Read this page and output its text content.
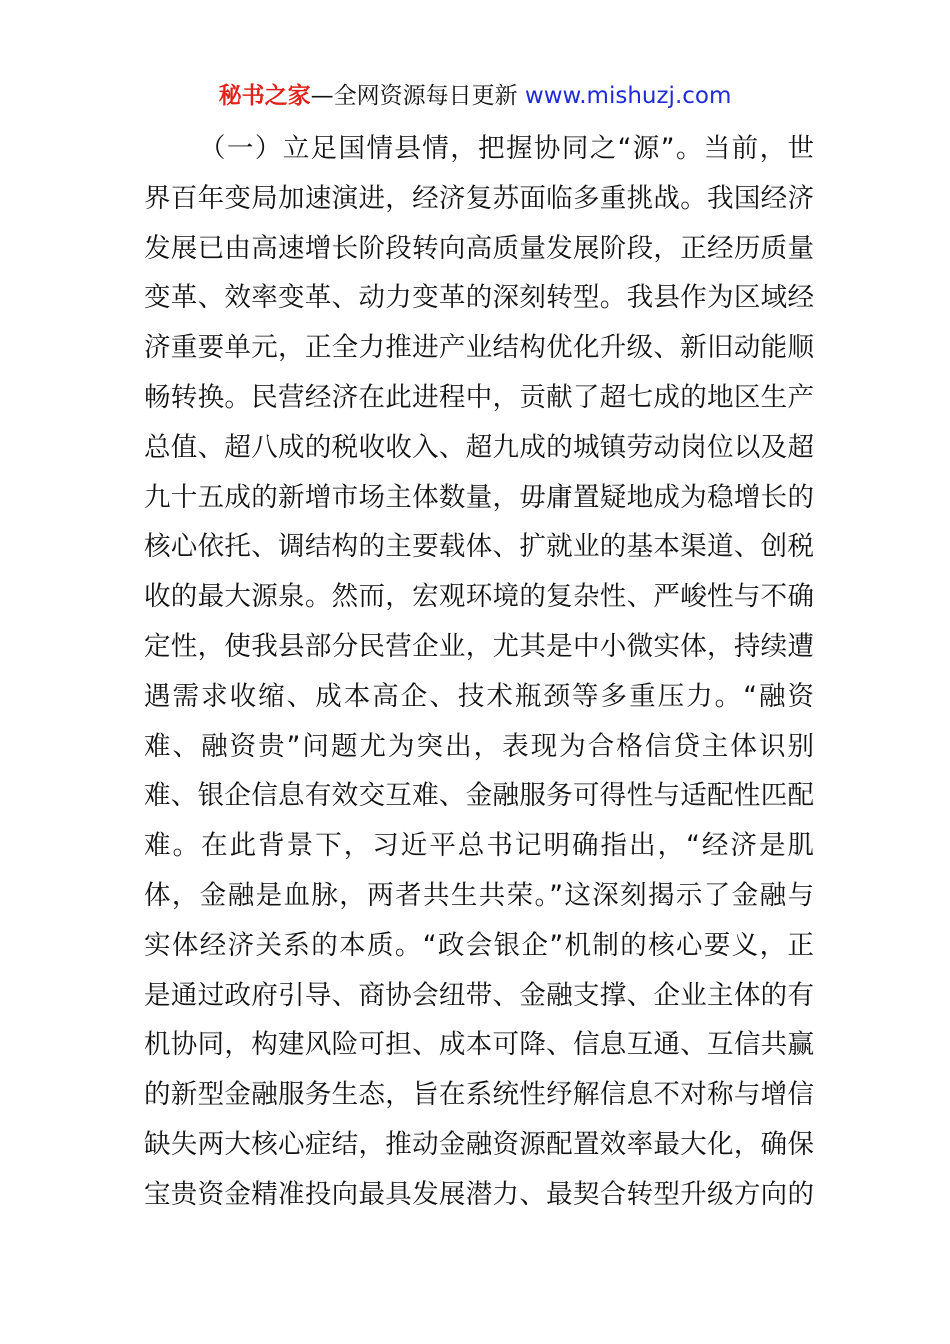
秘书之家—全网资源每日更新 www.mishuzj.com
（一）立足国情县情，把握协同之“源”。当前，世
界百年变局加速演进，经济复苏面临多重挑战。我国经济
发展已由高速增长阶段转向高质量发展阶段，正经历质量
变革、效率变革、动力变革的深刻转型。我县作为区域经
济重要单元，正全力推进产业结构优化升级、新旧动能顺
畅转换。民营经济在此进程中，贡献了超七成的地区生产
总值、超八成的税收收入、超九成的城镇劳动岗位以及超
九十五成的新增市场主体数量，毋庸置疑地成为稳增长的
核心依托、调结构的主要载体、扩就业的基本渠道、创税
收的最大源泉。然而，宏观环境的复杂性、严峻性与不确
定性，使我县部分民营企业，尤其是中小微实体，持续遭
遇需求收缩、成本高企、技术瓶颈等多重压力。“融资
难、融资贵”问题尤为突出，表现为合格信贷主体识别
难、银企信息有效交互难、金融服务可得性与适配性匹配
难。在此背景下，习近平总书记明确指出，“经济是肌
体，金融是血脉，两者共生共荣。”这深刻揭示了金融与
实体经济关系的本质。“政会银企”机制的核心要义，正
是通过政府引导、商协会纽带、金融支撑、企业主体的有
机协同，构建风险可担、成本可降、信息互通、互信共赢
的新型金融服务生态，旨在系统性纾解信息不对称与增信
缺失两大核心症结，推动金融资源配置效率最大化，确保
宝贵资金精准投向最具发展潜力、最契合转型升级方向的
